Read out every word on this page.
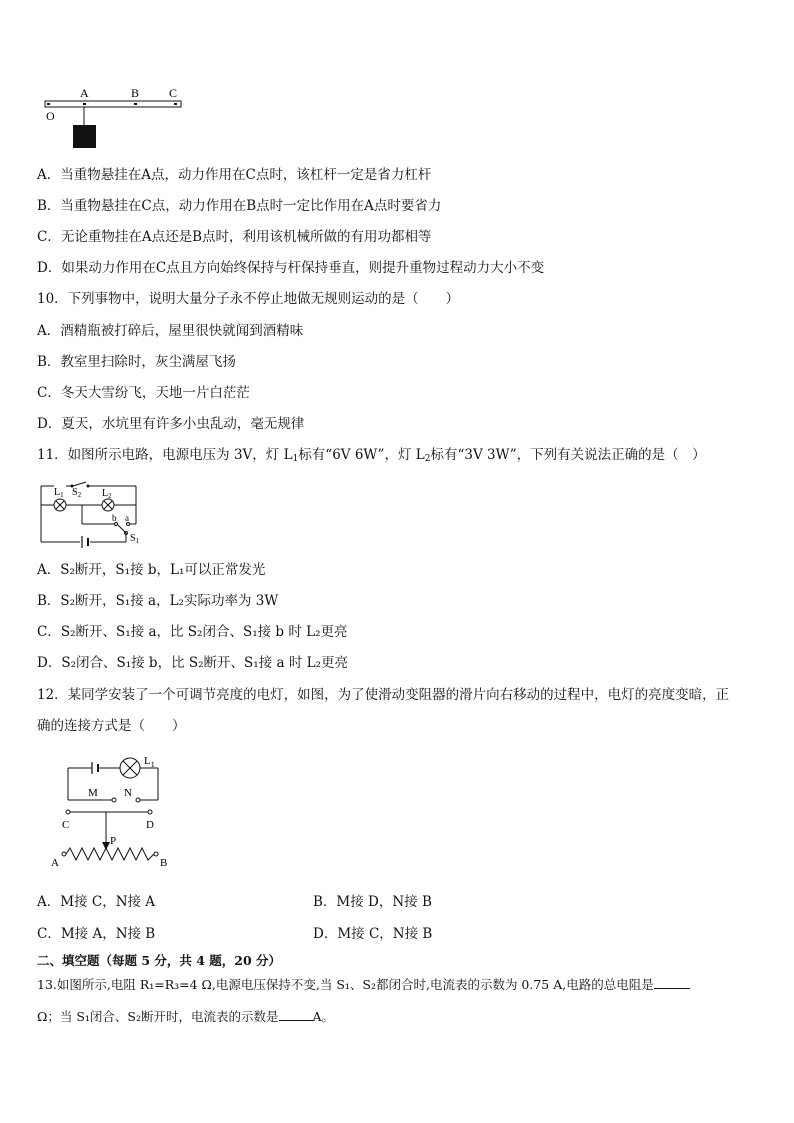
O
A	B C
A．当重物悬挂在A点，动力作用在C点时，该杠杆一定是省力杠杆
B．当重物悬挂在C点，动力作用在B点时一定比作用在A点时要省力
C．无论重物挂在A点还是B点时，利用该机械所做的有用功都相等
D．如果动力作用在C点且方向始终保持与杆保持垂直，则提升重物过程动力大小不变
10．下列事物中，说明大量分子永不停止地做无规则运动的是（　　）
A．酒精瓶被打碎后，屋里很快就闻到酒精味
B．教室里扫除时，灰尘满屋飞扬
C．冬天大雪纷飞，天地一片白茫茫
D．夏天，水坑里有许多小虫乱动，毫无规律
11．如图所示电路，电源电压为 3V，灯 $L_1$标有“6V 6W”，灯 $L_2$标有“3V 3W”，下列有关说法正确的是（　）
$L_1$ $S_2$ $L_2$
b a
$S_1$
A．S₂断开，S₁接 b，L₁可以正常发光
B．S₂断开，S₁接 a，L₂实际功率为 3W
C．S₂断开、S₁接 a，比 S₂闭合、S₁接 b 时 L₂更亮
D．S₂闭合、S₁接 b，比 S₂断开、S₁接 a 时 L₂更亮
12．某同学安装了一个可调节亮度的电灯，如图，为了使滑动变阻器的滑片向右移动的过程中，电灯的亮度变暗，正
确的连接方式是（　　）
$L_1$
M N
C	D
P
A	B
A．M接 C，N接 A	B．M接 D，N接 B
C．M接 A，N接 B	D．M接 C，N接 B
二、填空题（每题 5 分，共 4 题，20 分）
13.如图所示,电阻 R₁=R₃=4 Ω,电源电压保持不变,当 S₁、S₂都闭合时,电流表的示数为 0.75 A,电路的总电阻是
Ω；当 S₁闭合、S₂断开时，电流表的示数是	A。
